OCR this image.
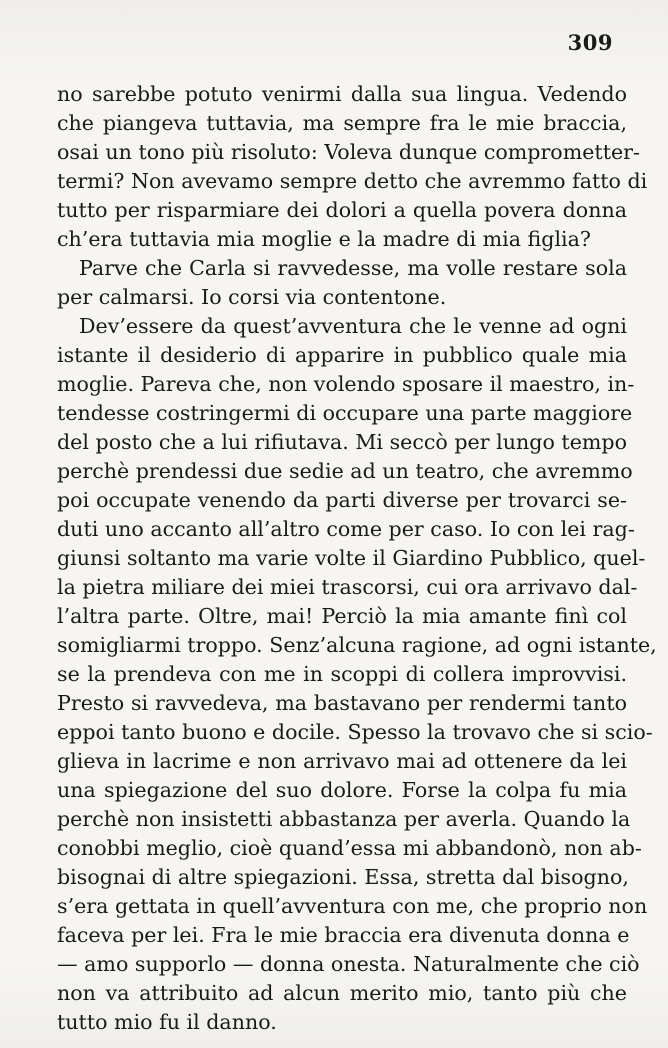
309

no sarebbe potuto venirmi dalla sua lingua. Vedendo
che piangeva tuttavia, ma sempre fra le mie braccia,
osai un tono più risoluto: Voleva dunque comprometter-
termi? Non avevamo sempre detto che avremmo fatto di
tutto per risparmiare dei dolori a quella povera donna
ch’era tuttavia mia moglie e la madre di mia figlia?

Parve che Carla si ravvedesse, ma volle restare sola
per calmarsi. Io corsi via contentone.

Dev’essere da quest’avventura che le venne ad ogni
istante il desiderio di apparire in pubblico quale mia
moglie. Pareva che, non volendo sposare il maestro, in-
tendesse costringermi di occupare una parte maggiore
del posto che a lui rifiutava. Mi seccò per lungo tempo
perchè prendessi due sedie ad un teatro, che avremmo
poi occupate venendo da parti diverse per trovarci se-
duti uno accanto all’altro come per caso. Io con lei rag-
giunsi soltanto ma varie volte il Giardino Pubblico, quel-
la pietra miliare dei miei trascorsi, cui ora arrivavo dal-
l’altra parte. Oltre, mai! Perciò la mia amante finì col
somigliarmi troppo. Senz’alcuna ragione, ad ogni istante,
se la prendeva con me in scoppi di collera improvvisi.
Presto si ravvedeva, ma bastavano per rendermi tanto
eppoi tanto buono e docile. Spesso la trovavo che si scio-
glieva in lacrime e non arrivavo mai ad ottenere da lei
una spiegazione del suo dolore. Forse la colpa fu mia
perchè non insistetti abbastanza per averla. Quando la
conobbi meglio, cioè quand’essa mi abbandonò, non ab-
bisognai di altre spiegazioni. Essa, stretta dal bisogno,
s’era gettata in quell’avventura con me, che proprio non
faceva per lei. Fra le mie braccia era divenuta donna e
— amo supporlo — donna onesta. Naturalmente che ciò
non va attribuito ad alcun merito mio, tanto più che
tutto mio fu il danno.
